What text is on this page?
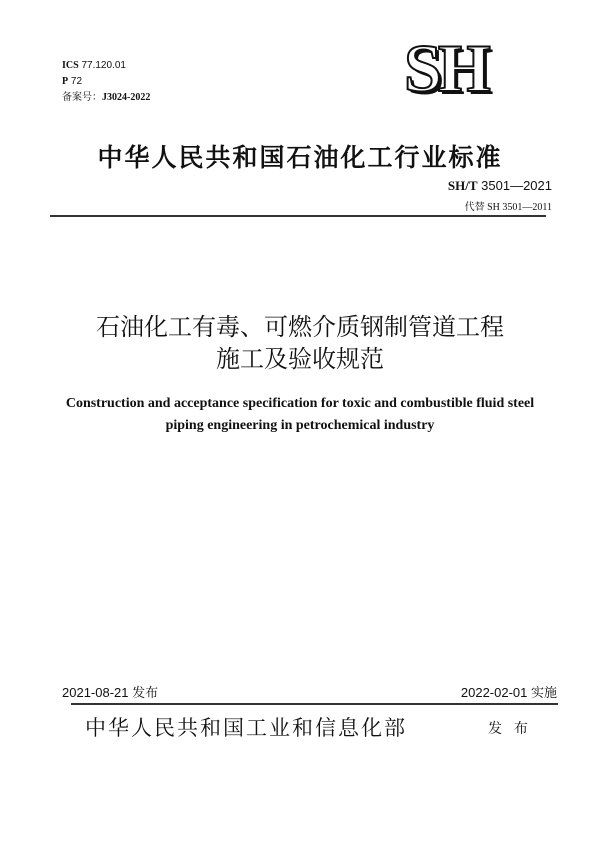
ICS 77.120.01
P 72
备案号：J3024-2022	SH
中华人民共和国石油化工行业标准
SH/T 3501—2021
代替 SH 3501—2011
石油化工有毒、可燃介质钢制管道工程
施工及验收规范
Construction and acceptance specification for toxic and combustible fluid steel
piping engineering in petrochemical industry
2021-08-21 发布	2022-02-01 实施
中华人民共和国工业和信息化部	发 布
